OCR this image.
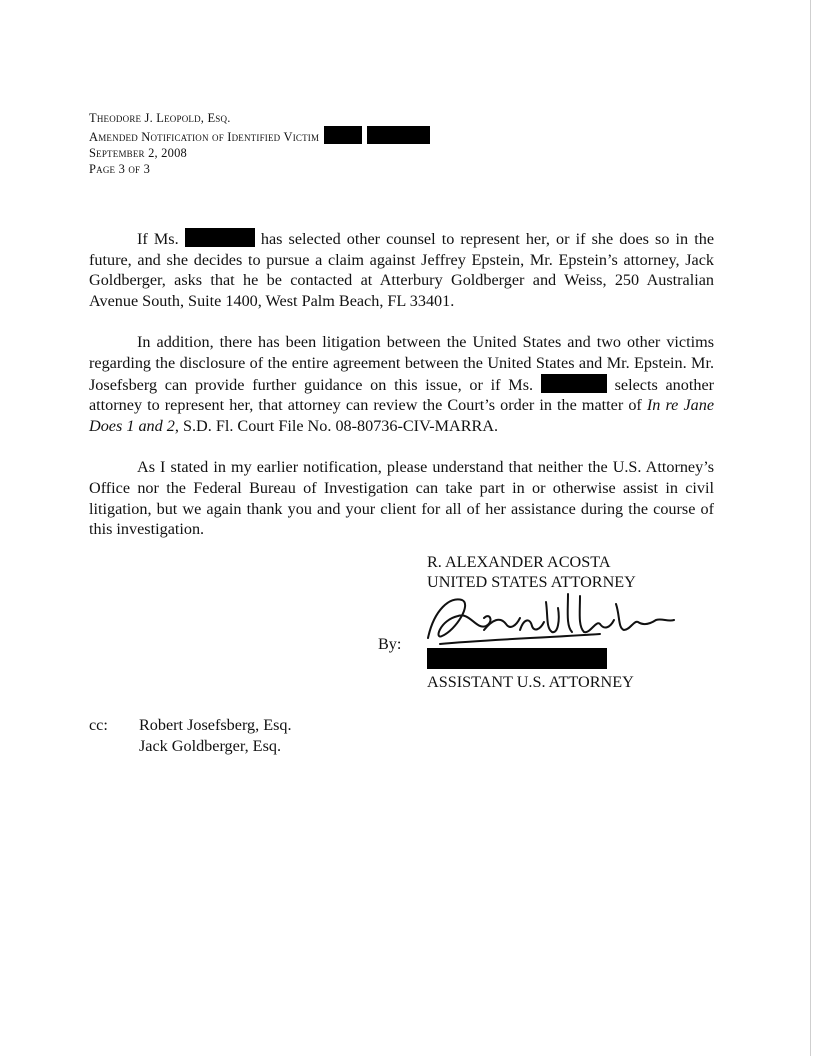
Theodore J. Leopold, Esq.
Amended Notification of Identified Victim
September 2, 2008
Page 3 of 3

If Ms.	has selected other counsel to represent her, or if she does so in the future, and she decides to pursue a claim against Jeffrey Epstein, Mr. Epstein’s attorney, Jack Goldberger, asks that he be contacted at Atterbury Goldberger and Weiss, 250 Australian Avenue South, Suite 1400, West Palm Beach, FL 33401.

In addition, there has been litigation between the United States and two other victims regarding the disclosure of the entire agreement between the United States and Mr. Epstein. Mr. Josefsberg can provide further guidance on this issue, or if Ms.	selects another attorney to represent her, that attorney can review the Court’s order in the matter of In re Jane Does 1 and 2, S.D. Fl. Court File No. 08-80736-CIV-MARRA.

As I stated in my earlier notification, please understand that neither the U.S. Attorney’s Office nor the Federal Bureau of Investigation can take part in or otherwise assist in civil litigation, but we again thank you and your client for all of her assistance during the course of this investigation.

R. ALEXANDER ACOSTA
UNITED STATES ATTORNEY
By:
ASSISTANT U.S. ATTORNEY
cc: Robert Josefsberg, Esq.
Jack Goldberger, Esq.
